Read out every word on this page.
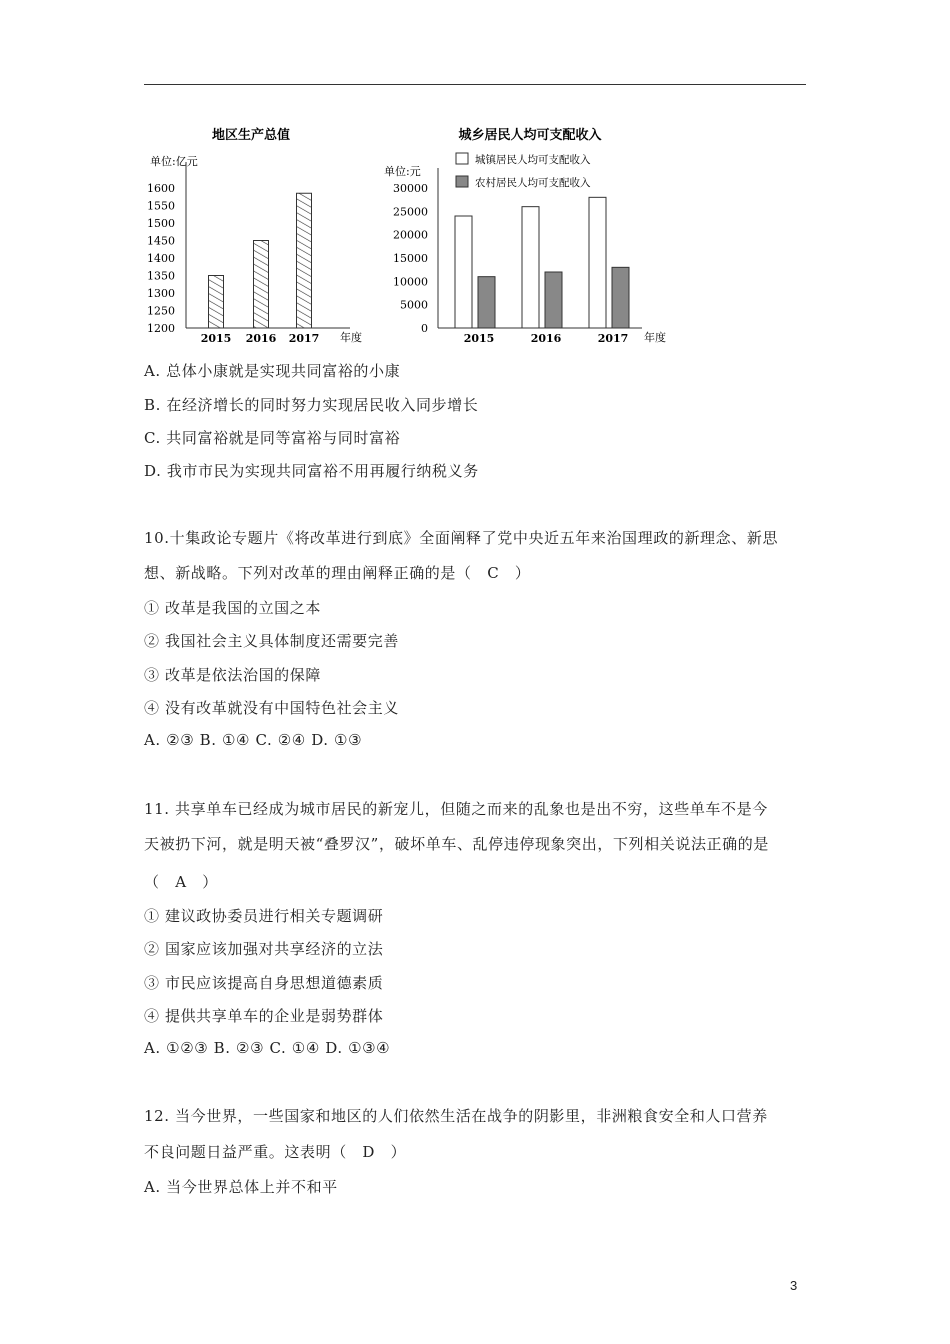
地区生产总值
单位:亿元
1200
1250
1300
1350
1400
1450
1500
1550
1600
2015 2016 2017 年度
城乡居民人均可支配收入
单位:元
城镇居民人均可支配收入
农村居民人均可支配收入
0
5000
10000
15000
20000
25000
30000
2015	2016	2017 年度
A. 总体小康就是实现共同富裕的小康
B. 在经济增长的同时努力实现居民收入同步增长
C. 共同富裕就是同等富裕与同时富裕
D. 我市市民为实现共同富裕不用再履行纳税义务
10.十集政论专题片《将改革进行到底》全面阐释了党中央近五年来治国理政的新理念、新思
想、新战略。下列对改革的理由阐释正确的是（　C　）
① 改革是我国的立国之本
② 我国社会主义具体制度还需要完善
③ 改革是依法治国的保障
④ 没有改革就没有中国特色社会主义
A. ②③ B. ①④ C. ②④ D. ①③
11. 共享单车已经成为城市居民的新宠儿，但随之而来的乱象也是出不穷，这些单车不是今
天被扔下河，就是明天被“叠罗汉”，破坏单车、乱停违停现象突出，下列相关说法正确的是
（　A　）
① 建议政协委员进行相关专题调研
② 国家应该加强对共享经济的立法
③ 市民应该提高自身思想道德素质
④ 提供共享单车的企业是弱势群体
A. ①②③ B. ②③ C. ①④ D. ①③④
12. 当今世界，一些国家和地区的人们依然生活在战争的阴影里，非洲粮食安全和人口营养
不良问题日益严重。这表明（　D　）
A. 当今世界总体上并不和平
3
